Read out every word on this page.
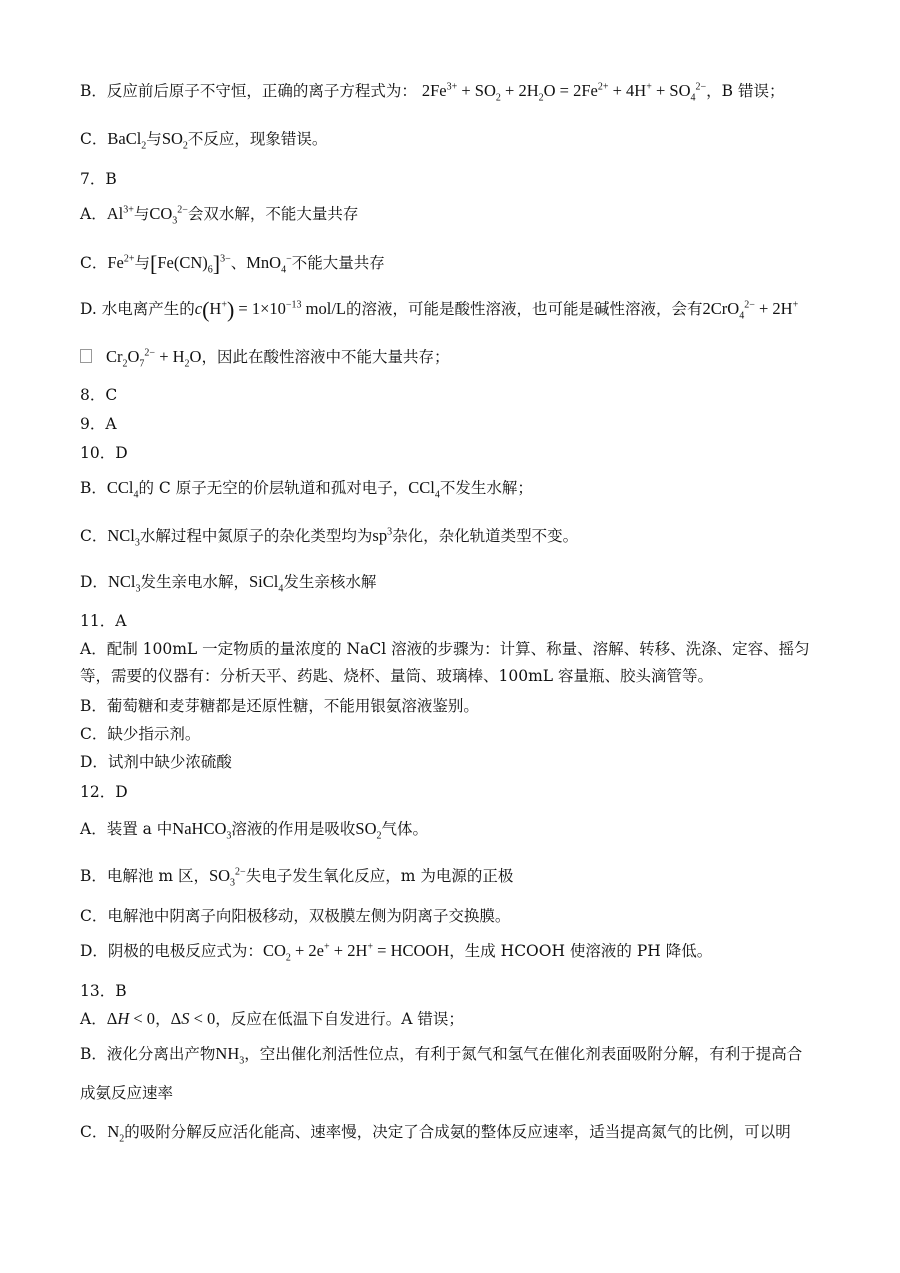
B．反应前后原子不守恒，正确的离子方程式为： $2Fe^{3+} + SO_2 + 2H_2O = 2Fe^{2+} + 4H^+ + SO_4^{2-}$，B 错误；
C．BaCl$_2$与$SO_2$不反应，现象错误。
7．B
A．$Al^{3+}$与$CO_3^{2-}$会双水解，不能大量共存
C．$Fe^{2+}$与$[Fe(CN)_6]^{3-}$、MnO$_4$−不能大量共存
D. 水电离产生的$c(H^+) = 1\times 10^{-13}$ mol/L的溶液，可能是酸性溶液，也可能是碱性溶液，会有2CrO$_4^{2-}$ + 2H+
$Cr_2O_7^{2-} + H_2O$，因此在酸性溶液中不能大量共存；
8．C
9．A
10．D
B．CCl$_4$的 C 原子无空的价层轨道和孤对电子，CCl$_4$不发生水解；
C．NCl$_3$水解过程中氮原子的杂化类型均为$sp^3$杂化，杂化轨道类型不变。
D．NCl$_3$发生亲电水解，SiCl$_4$发生亲核水解
11．A
A．配制 100mL 一定物质的量浓度的 NaCl 溶液的步骤为：计算、称量、溶解、转移、洗涤、定容、摇匀等，需要的仪器有：分析天平、药匙、烧杯、量筒、玻璃棒、100mL 容量瓶、胶头滴管等。
B．葡萄糖和麦芽糖都是还原性糖，不能用银氨溶液鉴别。
C．缺少指示剂。
D．试剂中缺少浓硫酸
12．D
A．装置 a 中NaHCO$_3$溶液的作用是吸收$SO_2$气体。
B．电解池 m 区，$SO_3^{2-}$失电子发生氧化反应，m 为电源的正极
C．电解池中阴离子向阳极移动，双极膜左侧为阴离子交换膜。
D．阴极的电极反应式为：$CO_2 + 2e^+ + 2H^+$ = HCOOH，生成 HCOOH 使溶液的 PH 降低。
13．B
A．ΔH < 0，ΔS < 0，反应在低温下自发进行。A 错误；
B．液化分离出产物$NH_3$，空出催化剂活性位点，有利于氮气和氢气在催化剂表面吸附分解，有利于提高合
成氨反应速率
C．$N_2$的吸附分解反应活化能高、速率慢，决定了合成氨的整体反应速率，适当提高氮气的比例，可以明
